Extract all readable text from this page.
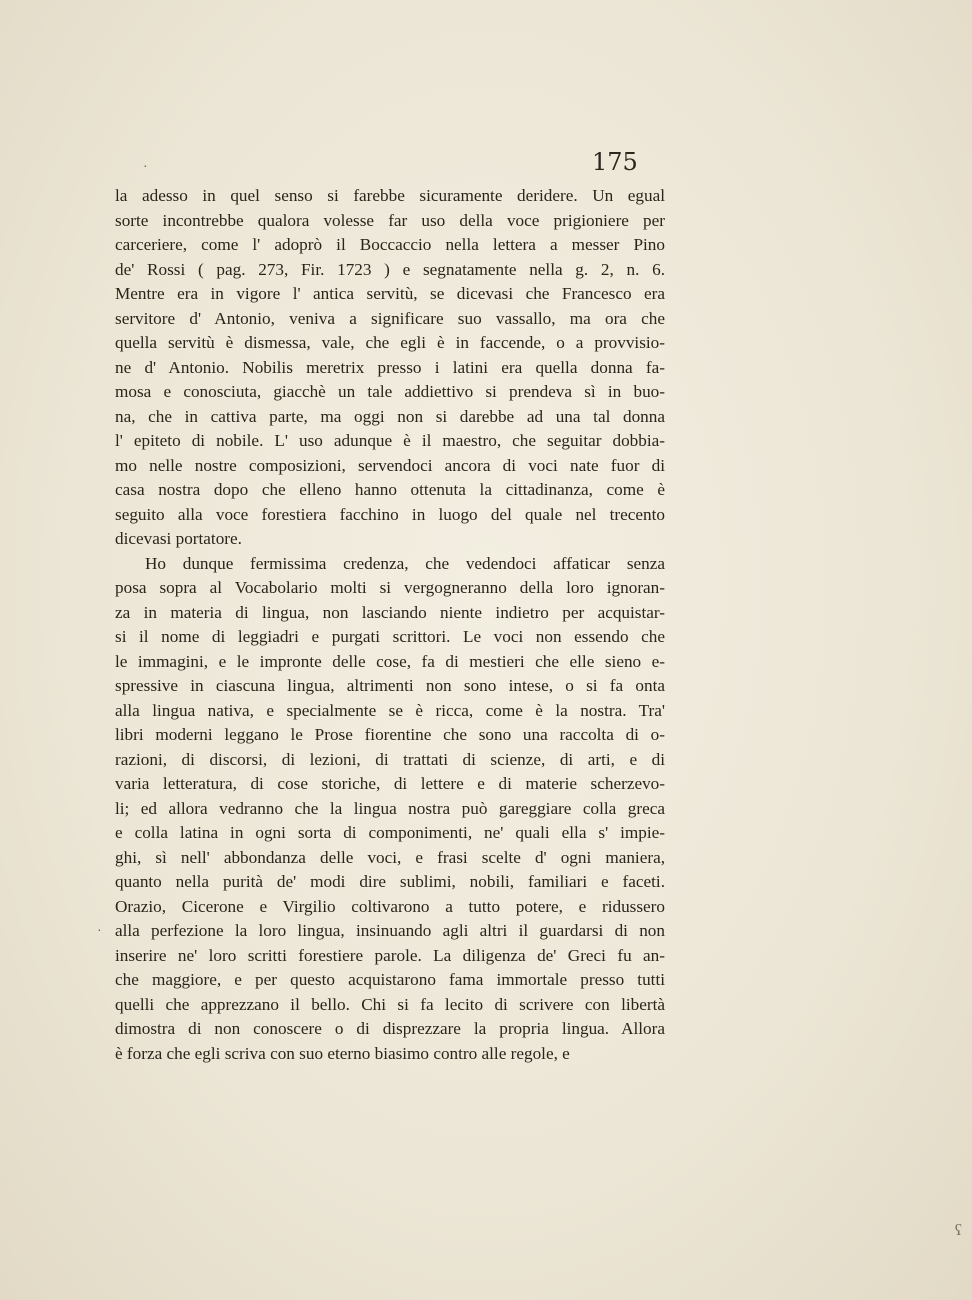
175
la adesso in quel senso si farebbe sicuramente deridere. Un egual
sorte incontrebbe qualora volesse far uso della voce prigioniere per
carceriere, come l' adoprò il Boccaccio nella lettera a messer Pino
de' Rossi ( pag. 273, Fir. 1723 ) e segnatamente nella g. 2, n. 6.
Mentre era in vigore l' antica servitù, se dicevasi che Francesco era
servitore d' Antonio, veniva a significare suo vassallo, ma ora che
quella servitù è dismessa, vale, che egli è in faccende, o a provvisio-
ne d' Antonio. Nobilis meretrix presso i latini era quella donna fa-
mosa e conosciuta, giacchè un tale addiettivo si prendeva sì in buo-
na, che in cattiva parte, ma oggi non si darebbe ad una tal donna
l' epiteto di nobile. L' uso adunque è il maestro, che seguitar dobbia-
mo nelle nostre composizioni, servendoci ancora di voci nate fuor di
casa nostra dopo che elleno hanno ottenuta la cittadinanza, come è
seguito alla voce forestiera facchino in luogo del quale nel trecento
dicevasi portatore.
Ho dunque fermissima credenza, che vedendoci affaticar senza
posa sopra al Vocabolario molti si vergogneranno della loro ignoran-
za in materia di lingua, non lasciando niente indietro per acquistar-
si il nome di leggiadri e purgati scrittori. Le voci non essendo che
le immagini, e le impronte delle cose, fa di mestieri che elle sieno e-
spressive in ciascuna lingua, altrimenti non sono intese, o si fa onta
alla lingua nativa, e specialmente se è ricca, come è la nostra. Tra'
libri moderni leggano le Prose fiorentine che sono una raccolta di o-
razioni, di discorsi, di lezioni, di trattati di scienze, di arti, e di
varia letteratura, di cose storiche, di lettere e di materie scherzevo-
li; ed allora vedranno che la lingua nostra può gareggiare colla greca
e colla latina in ogni sorta di componimenti, ne' quali ella s' impie-
ghi, sì nell' abbondanza delle voci, e frasi scelte d' ogni maniera,
quanto nella purità de' modi dire sublimi, nobili, familiari e faceti.
Orazio, Cicerone e Virgilio coltivarono a tutto potere, e ridussero
alla perfezione la loro lingua, insinuando agli altri il guardarsi di non
inserire ne' loro scritti forestiere parole. La diligenza de' Greci fu an-
che maggiore, e per questo acquistarono fama immortale presso tutti
quelli che apprezzano il bello. Chi si fa lecito di scrivere con libertà
dimostra di non conoscere o di disprezzare la propria lingua. Allora
è forza che egli scriva con suo eterno biasimo contro alle regole, e
·
·
ʕ
